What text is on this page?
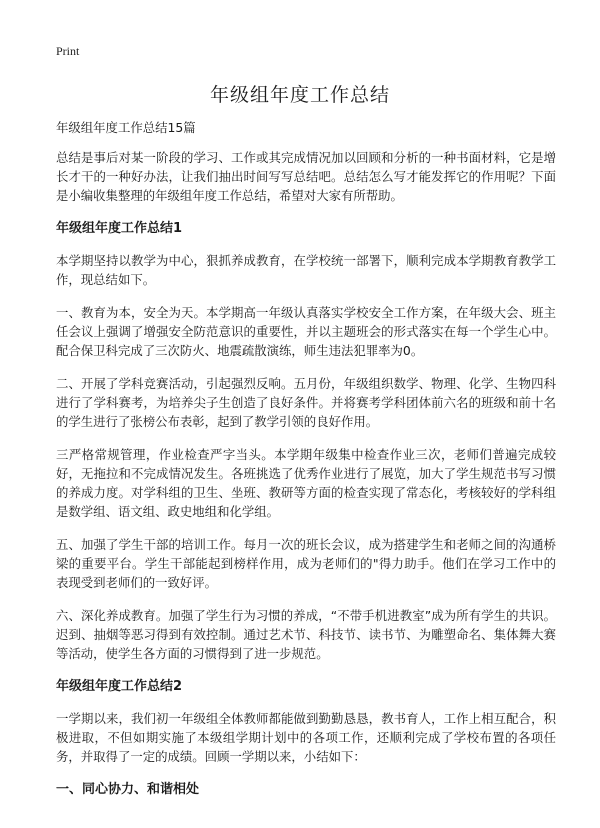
Print
年级组年度工作总结

年级组年度工作总结15篇

总结是事后对某一阶段的学习、工作或其完成情况加以回顾和分析的一种书面材料，它是增长才干的一种好办法，让我们抽出时间写写总结吧。总结怎么写才能发挥它的作用呢？下面是小编收集整理的年级组年度工作总结，希望对大家有所帮助。

年级组年度工作总结1

本学期坚持以教学为中心，狠抓养成教育，在学校统一部署下，顺利完成本学期教育教学工作，现总结如下。

一、教育为本，安全为天。本学期高一年级认真落实学校安全工作方案，在年级大会、班主任会议上强调了增强安全防范意识的重要性，并以主题班会的形式落实在每一个学生心中。配合保卫科完成了三次防火、地震疏散演练，师生违法犯罪率为0。

二、开展了学科竞赛活动，引起强烈反响。五月份，年级组织数学、物理、化学、生物四科进行了学科赛考，为培养尖子生创造了良好条件。并将赛考学科团体前六名的班级和前十名的学生进行了张榜公布表彰，起到了教学引领的良好作用。

三严格常规管理，作业检查严字当头。本学期年级集中检查作业三次，老师们普遍完成较好，无拖拉和不完成情况发生。各班挑选了优秀作业进行了展览，加大了学生规范书写习惯的养成力度。对学科组的卫生、坐班、教研等方面的检查实现了常态化，考核较好的学科组是数学组、语文组、政史地组和化学组。

五、加强了学生干部的培训工作。每月一次的班长会议，成为搭建学生和老师之间的沟通桥梁的重要平台。学生干部能起到榜样作用，成为老师们的"得力助手。他们在学习工作中的表现受到老师们的一致好评。

六、深化养成教育。加强了学生行为习惯的养成，“不带手机进教室”成为所有学生的共识。迟到、抽烟等恶习得到有效控制。通过艺术节、科技节、读书节、为雕塑命名、集体舞大赛等活动，使学生各方面的习惯得到了进一步规范。

年级组年度工作总结2

一学期以来，我们初一年级组全体教师都能做到勤勤恳恳，教书育人，工作上相互配合，积极进取，不但如期实施了本级组学期计划中的各项工作，还顺利完成了学校布置的各项任务，并取得了一定的成绩。回顾一学期以来，小结如下：

一、同心协力、和谐相处
